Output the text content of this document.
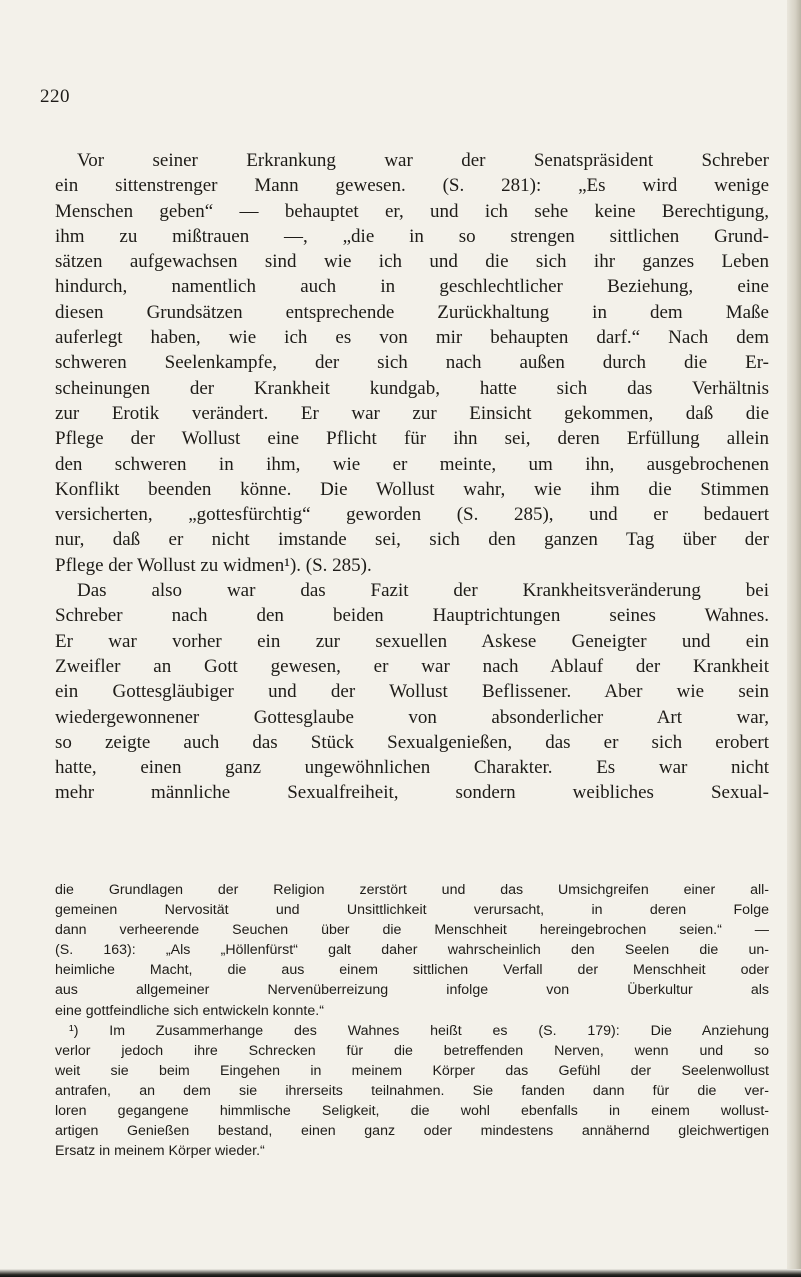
220
Vor seiner Erkrankung war der Senatspräsident Schreber
ein sittenstrenger Mann gewesen. (S. 281): „Es wird wenige
Menschen geben“ — behauptet er, und ich sehe keine Berechtigung,
ihm zu mißtrauen —, „die in so strengen sittlichen Grund-
sätzen aufgewachsen sind wie ich und die sich ihr ganzes Leben
hindurch, namentlich auch in geschlechtlicher Beziehung, eine
diesen Grundsätzen entsprechende Zurückhaltung in dem Maße
auferlegt haben, wie ich es von mir behaupten darf.“ Nach dem
schweren Seelenkampfe, der sich nach außen durch die Er-
scheinungen der Krankheit kundgab, hatte sich das Verhältnis
zur Erotik verändert. Er war zur Einsicht gekommen, daß die
Pflege der Wollust eine Pflicht für ihn sei, deren Erfüllung allein
den schweren in ihm, wie er meinte, um ihn, ausgebrochenen
Konflikt beenden könne. Die Wollust wahr, wie ihm die Stimmen
versicherten, „gottesfürchtig“ geworden (S. 285), und er bedauert
nur, daß er nicht imstande sei, sich den ganzen Tag über der
Pflege der Wollust zu widmen¹). (S. 285).
Das also war das Fazit der Krankheitsveränderung bei
Schreber nach den beiden Hauptrichtungen seines Wahnes.
Er war vorher ein zur sexuellen Askese Geneigter und ein
Zweifler an Gott gewesen, er war nach Ablauf der Krankheit
ein Gottesgläubiger und der Wollust Beflissener. Aber wie sein
wiedergewonnener Gottesglaube von absonderlicher Art war,
so zeigte auch das Stück Sexualgenießen, das er sich erobert
hatte, einen ganz ungewöhnlichen Charakter. Es war nicht
mehr männliche Sexualfreiheit, sondern weibliches Sexual-
die Grundlagen der Religion zerstört und das Umsichgreifen einer all-
gemeinen Nervosität und Unsittlichkeit verursacht, in deren Folge
dann verheerende Seuchen über die Menschheit hereingebrochen seien.“ —
(S. 163): „Als „Höllenfürst“ galt daher wahrscheinlich den Seelen die un-
heimliche Macht, die aus einem sittlichen Verfall der Menschheit oder
aus allgemeiner Nervenüberreizung infolge von Überkultur als
eine gottfeindliche sich entwickeln konnte.“
¹) Im Zusammerhange des Wahnes heißt es (S. 179): Die Anziehung
verlor jedoch ihre Schrecken für die betreffenden Nerven, wenn und so
weit sie beim Eingehen in meinem Körper das Gefühl der Seelenwollust
antrafen, an dem sie ihrerseits teilnahmen. Sie fanden dann für die ver-
loren gegangene himmlische Seligkeit, die wohl ebenfalls in einem wollust-
artigen Genießen bestand, einen ganz oder mindestens annähernd gleichwertigen
Ersatz in meinem Körper wieder.“
